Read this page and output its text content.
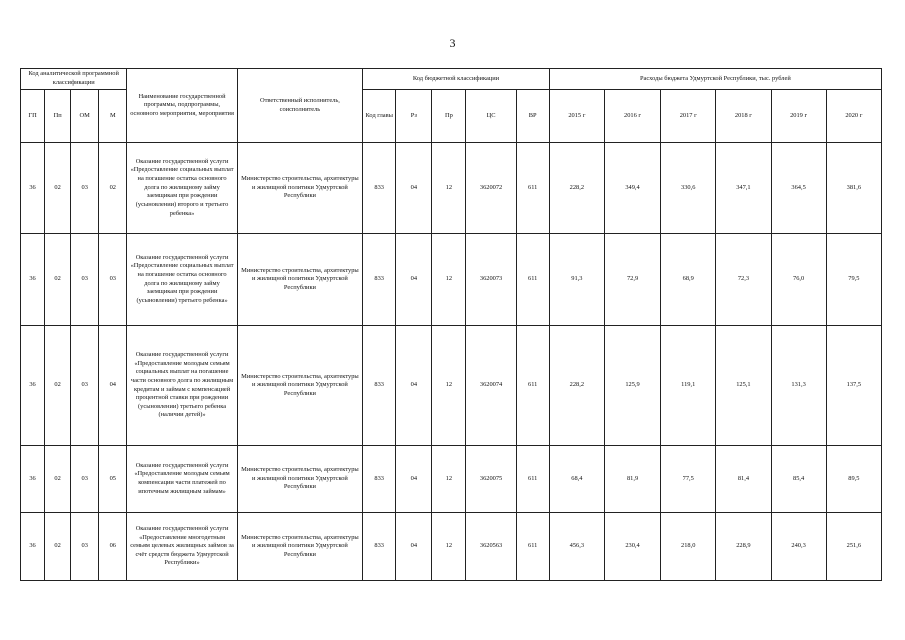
3
Код аналитической программной классификации				Наименование государственной программы, подпрограммы, основного мероприятия, мероприятия	Ответственный исполнитель, соисполнитель	Код бюджетной классификации					Расходы бюджета Удмуртской Республики, тыс. рублей					
ГП	Пп	ОМ	М			Код главы	Рз	Пр	ЦС	ВР	2015 г	2016 г	2017 г	2018 г	2019 г	2020 г
36	02	03	02	Оказание государственной услуги «Предоставление социальных выплат на погашение остатка основного долга по жилищному займу заемщикам при рождении (усыновлении) второго и третьего ребенка»	Министерство строительства, архитектуры и жилищной политики Удмуртской Республики	833	04	12	3620072	611	228,2	349,4	330,6	347,1	364,5	381,6
36	02	03	03	Оказание государственной услуги «Предоставление социальных выплат на погашение остатка основного долга по жилищному займу заемщикам при рождении (усыновлении) третьего ребенка»	Министерство строительства, архитектуры и жилищной политики Удмуртской Республики	833	04	12	3620073	611	91,3	72,9	68,9	72,3	76,0	79,5
36	02	03	04	Оказание государственной услуги «Предоставление молодым семьям социальных выплат на погашение части основного долга по жилищным кредитам и займам с компенсацией процентной ставки при рождении (усыновлении) третьего ребенка (наличии детей)»	Министерство строительства, архитектуры и жилищной политики Удмуртской Республики	833	04	12	3620074	611	228,2	125,9	119,1	125,1	131,3	137,5
36	02	03	05	Оказание государственной услуги «Предоставление молодым семьям компенсации части платежей по ипотечным жилищным займам»	Министерство строительства, архитектуры и жилищной политики Удмуртской Республики	833	04	12	3620075	611	68,4	81,9	77,5	81,4	85,4	89,5
36	02	03	06	Оказание государственной услуги «Предоставление многодетным семьям целевых жилищных займов за счёт средств бюджета Удмуртской Республики»	Министерство строительства, архитектуры и жилищной политики Удмуртской Республики	833	04	12	3620563	611	456,3	230,4	218,0	228,9	240,3	251,6
